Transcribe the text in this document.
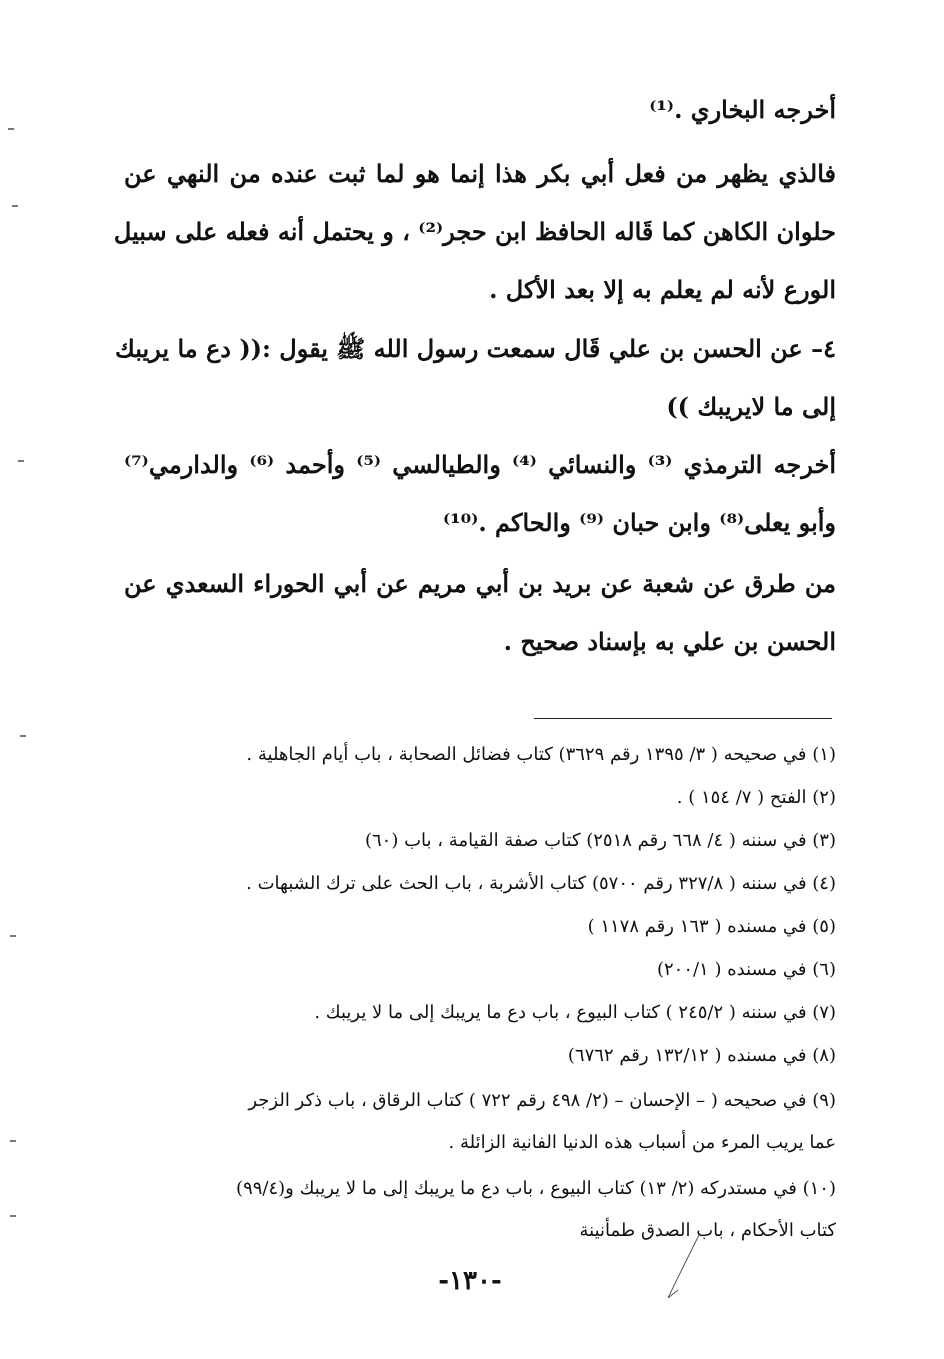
أخرجه البخاري .⁽¹⁾
فالذي يظهر من فعل أبي بكر هذا إنما هو لما ثبت عنده من النهي عن
حلوان الكاهن كما قَاله الحافظ ابن حجر⁽²⁾ ، و يحتمل أنه فعله على سبيل
الورع لأنه لم يعلم به إلا بعد الأكل .
٤– عن الحسن بن علي قَال سمعت رسول الله ﷺ يقول :(( دع ما يريبك
إلى ما لايريبك ))
أخرجه الترمذي ⁽³⁾ والنسائي ⁽⁴⁾ والطيالسي ⁽⁵⁾ وأحمد ⁽⁶⁾ والدارمي⁽⁷⁾
وأبو يعلى⁽⁸⁾ وابن حبان ⁽⁹⁾ والحاكم .⁽¹⁰⁾
من طرق عن شعبة عن بريد بن أبي مريم عن أبي الحوراء السعدي عن
الحسن بن علي به بإسناد صحيح .
(١) في صحيحه ( ٣/ ١٣٩٥ رقم ٣٦٢٩) كتاب فضائل الصحابة ، باب أيام الجاهلية .
(٢) الفتح ( ٧/ ١٥٤ ) .
(٣) في سننه ( ٤/ ٦٦٨ رقم ٢٥١٨) كتاب صفة القيامة ، باب (٦٠)
(٤) في سننه ( ٣٢٧/٨ رقم ٥٧٠٠) كتاب الأشربة ، باب الحث على ترك الشبهات .
(٥) في مسنده ( ١٦٣ رقم ١١٧٨ )
(٦) في مسنده ( ٢٠٠/١)
(٧) في سننه ( ٢٤٥/٢ ) كتاب البيوع ، باب دع ما يريبك إلى ما لا يريبك .
(٨) في مسنده ( ١٣٢/١٢ رقم ٦٧٦٢)
(٩) في صحيحه ( – الإحسان – (٢/ ٤٩٨ رقم ٧٢٢ ) كتاب الرقاق ، باب ذكر الزجر
عما يريب المرء من أسباب هذه الدنيا الفانية الزائلة .
(١٠) في مستدركه (٢/ ١٣) كتاب البيوع ، باب دع ما يريبك إلى ما لا يريبك و(٩٩/٤)
كتاب الأحكام ، باب الصدق طمأنينة
-١٣٠-
